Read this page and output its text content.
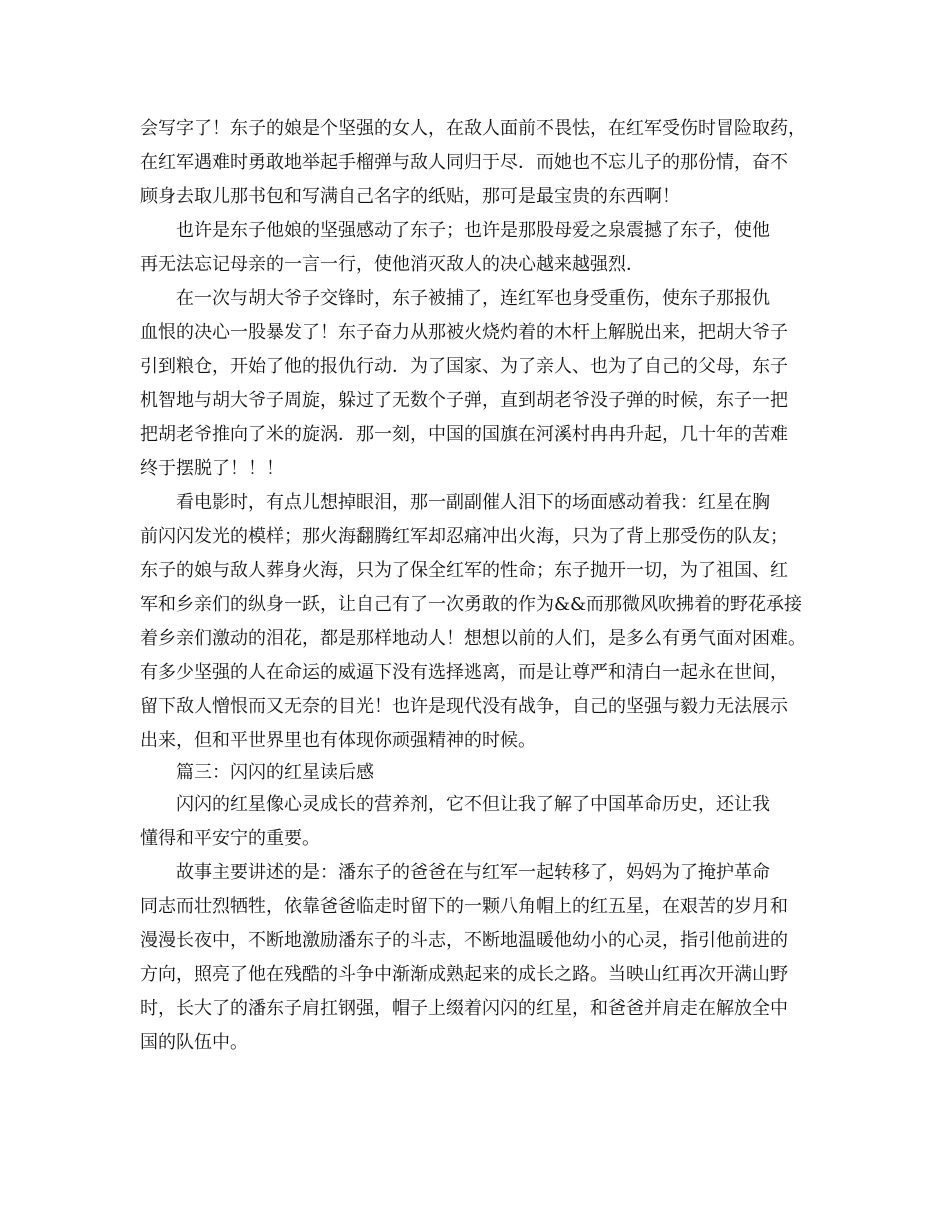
会写字了！东子的娘是个坚强的女人，在敌人面前不畏怯，在红军受伤时冒险取药，
在红军遇难时勇敢地举起手榴弹与敌人同归于尽．而她也不忘儿子的那份情，奋不
顾身去取儿那书包和写满自己名字的纸贴，那可是最宝贵的东西啊！
也许是东子他娘的坚强感动了东子；也许是那股母爱之泉震撼了东子，使他
再无法忘记母亲的一言一行，使他消灭敌人的决心越来越强烈．
在一次与胡大爷子交锋时，东子被捕了，连红军也身受重伤，使东子那报仇
血恨的决心一股暴发了！东子奋力从那被火烧灼着的木杆上解脱出来，把胡大爷子
引到粮仓，开始了他的报仇行动．为了国家、为了亲人、也为了自己的父母，东子
机智地与胡大爷子周旋，躲过了无数个子弹，直到胡老爷没子弹的时候，东子一把
把胡老爷推向了米的旋涡．那一刻，中国的国旗在河溪村冉冉升起，几十年的苦难
终于摆脱了！！！
看电影时，有点儿想掉眼泪，那一副副催人泪下的场面感动着我：红星在胸
前闪闪发光的模样；那火海翻腾红军却忍痛冲出火海，只为了背上那受伤的队友；
东子的娘与敌人葬身火海，只为了保全红军的性命；东子抛开一切，为了祖国、红
军和乡亲们的纵身一跃，让自己有了一次勇敢的作为&&而那微风吹拂着的野花承接
着乡亲们激动的泪花，都是那样地动人！想想以前的人们，是多么有勇气面对困难。
有多少坚强的人在命运的威逼下没有选择逃离，而是让尊严和清白一起永在世间，
留下敌人憎恨而又无奈的目光！也许是现代没有战争，自己的坚强与毅力无法展示
出来，但和平世界里也有体现你顽强精神的时候。
篇三：闪闪的红星读后感
闪闪的红星像心灵成长的营养剂，它不但让我了解了中国革命历史，还让我
懂得和平安宁的重要。
故事主要讲述的是：潘东子的爸爸在与红军一起转移了，妈妈为了掩护革命
同志而壮烈牺牲，依靠爸爸临走时留下的一颗八角帽上的红五星，在艰苦的岁月和
漫漫长夜中，不断地激励潘东子的斗志，不断地温暖他幼小的心灵，指引他前进的
方向，照亮了他在残酷的斗争中渐渐成熟起来的成长之路。当映山红再次开满山野
时，长大了的潘东子肩扛钢强，帽子上缀着闪闪的红星，和爸爸并肩走在解放全中
国的队伍中。
